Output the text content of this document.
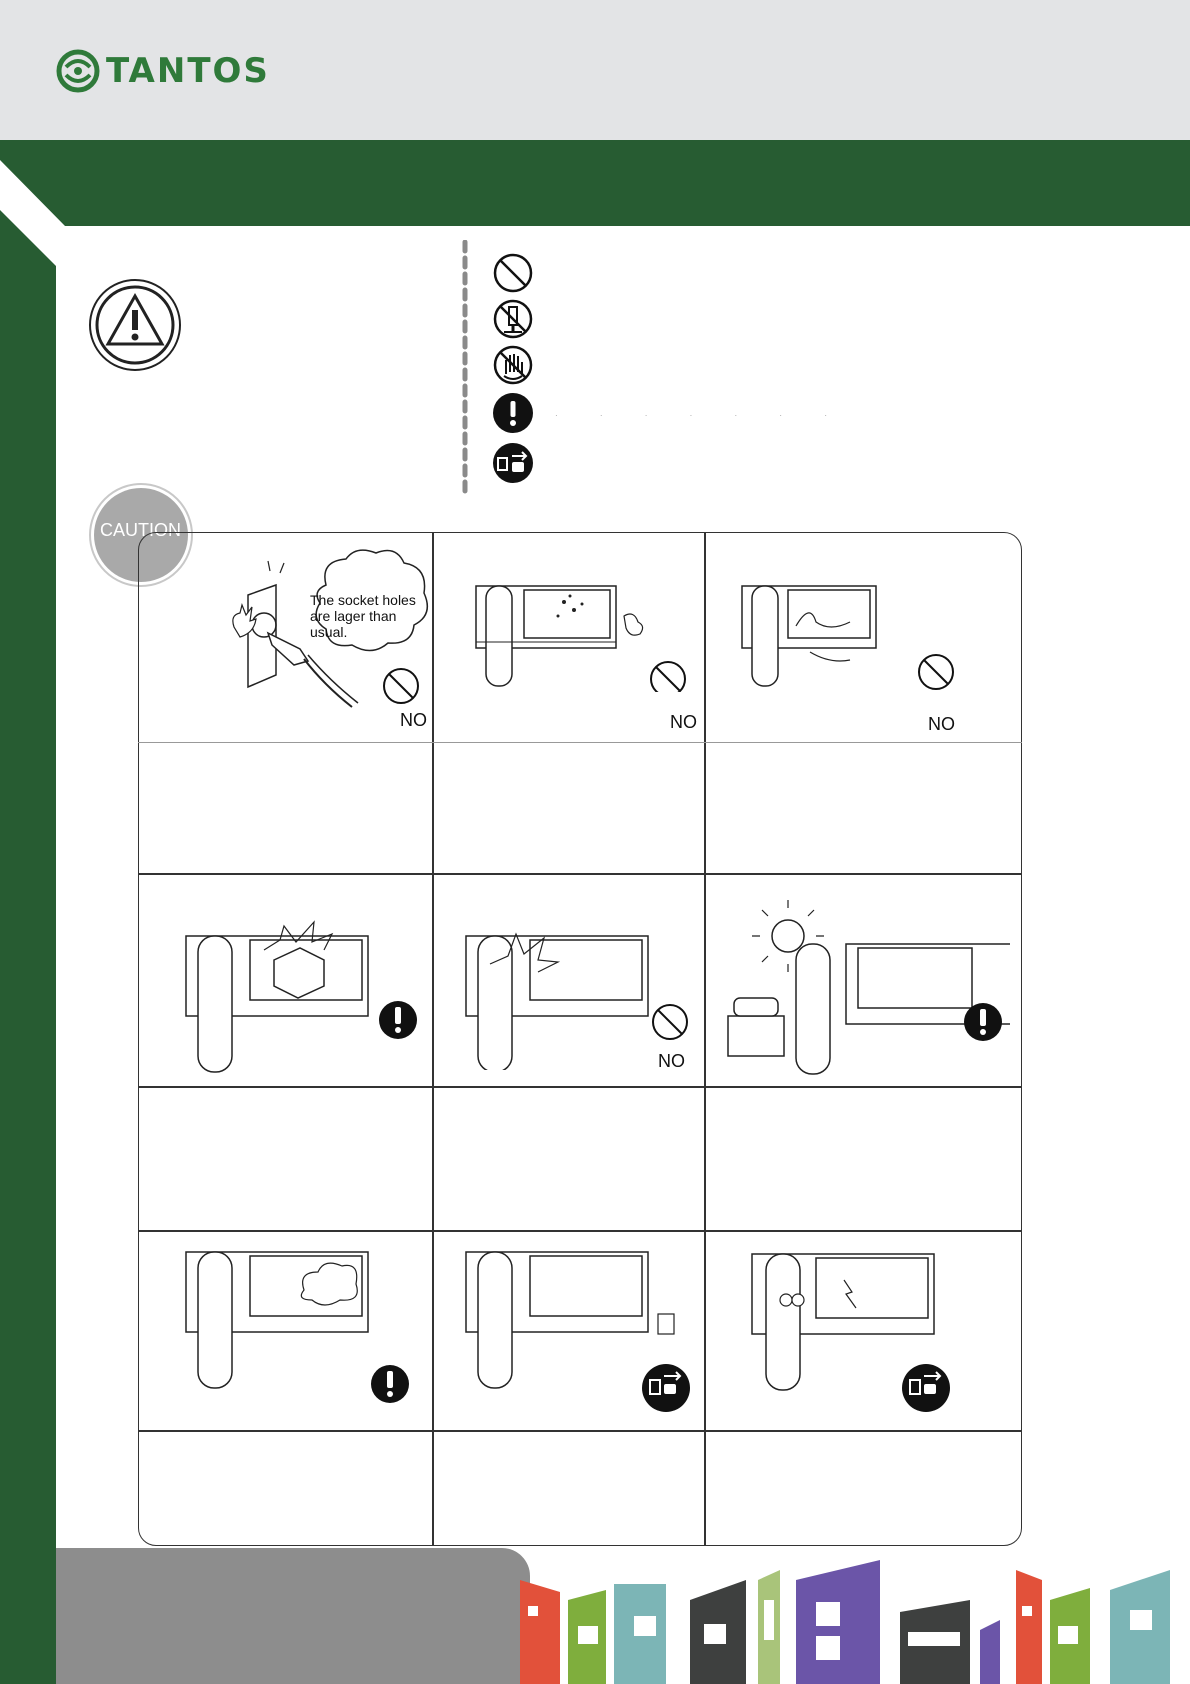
TANTOS
· · · · · · ·
CAUTION
The socket holes are lager than usual.
NO	NO	NO
NO
